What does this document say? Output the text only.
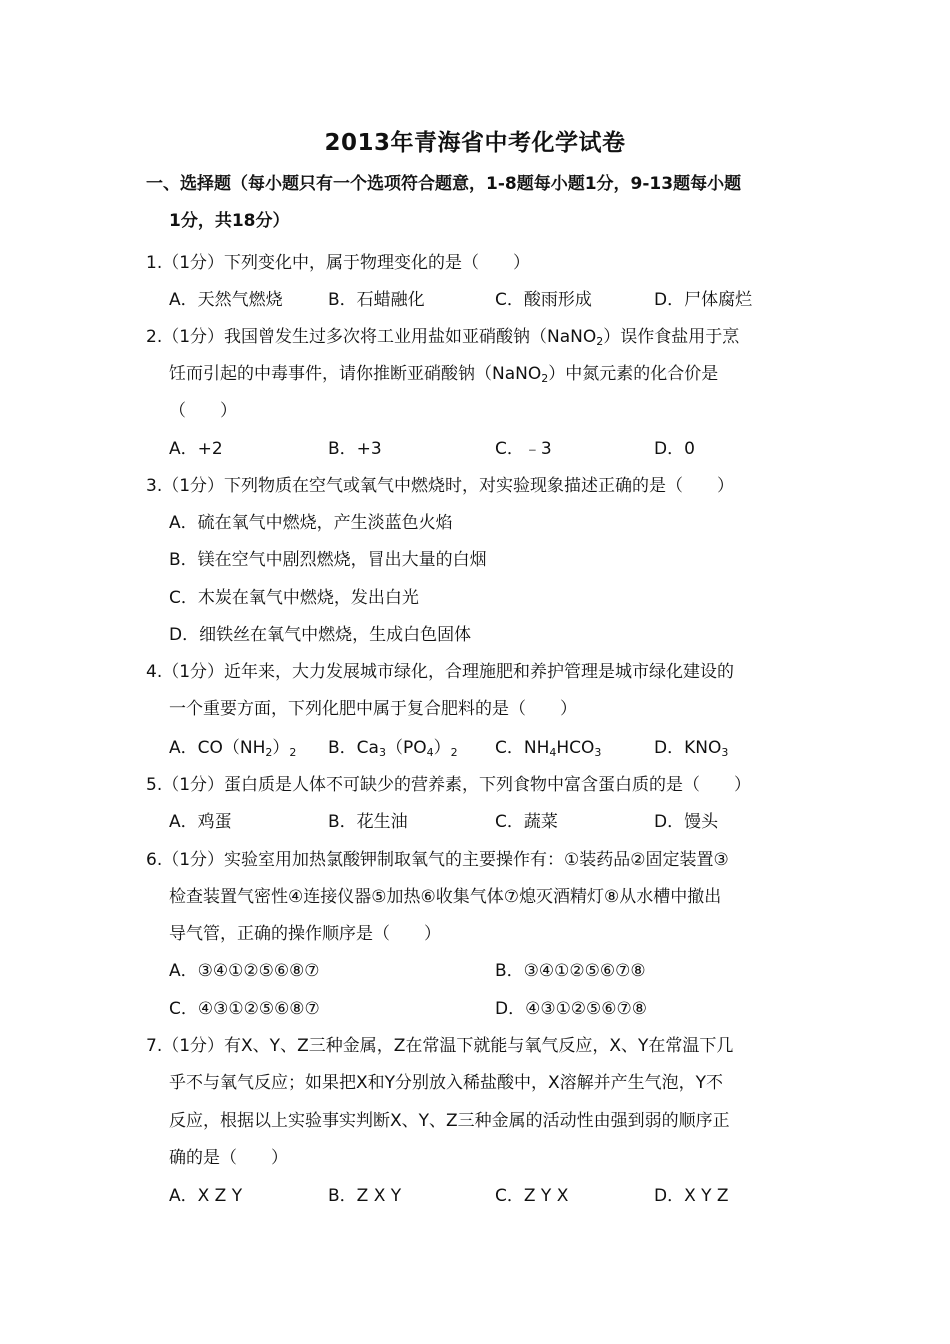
2013年青海省中考化学试卷
一、选择题（每小题只有一个选项符合题意，1-8题每小题1分，9-13题每小题
1分，共18分）
1.（1分）下列变化中，属于物理变化的是（　　）
A．天然气燃烧	B．石蜡融化	C．酸雨形成	D．尸体腐烂
2.（1分）我国曾发生过多次将工业用盐如亚硝酸钠（NaNO$_2$）误作食盐用于烹
饪而引起的中毒事件，请你推断亚硝酸钠（NaNO$_2$）中氮元素的化合价是
（　　）
A．+2	B．+3	C．﹣3	D．0
3.（1分）下列物质在空气或氧气中燃烧时，对实验现象描述正确的是（　　）
A．硫在氧气中燃烧，产生淡蓝色火焰
B．镁在空气中剧烈燃烧，冒出大量的白烟
C．木炭在氧气中燃烧，发出白光
D．细铁丝在氧气中燃烧，生成白色固体
4.（1分）近年来，大力发展城市绿化，合理施肥和养护管理是城市绿化建设的
一个重要方面，下列化肥中属于复合肥料的是（　　）
A．$CO(NH_2)_2$ B．$Ca_3(PO_4)_2$ C．$NH_4HCO_3$	D．$KNO_3$
5.（1分）蛋白质是人体不可缺少的营养素，下列食物中富含蛋白质的是（　　）
A．鸡蛋	B．花生油	C．蔬菜	D．馒头
6.（1分）实验室用加热氯酸钾制取氧气的主要操作有：①装药品②固定装置③
检查装置气密性④连接仪器⑤加热⑥收集气体⑦熄灭酒精灯⑧从水槽中撤出
导气管，正确的操作顺序是（　　）
A．③④①②⑤⑥⑧⑦	B．③④①②⑤⑥⑦⑧
C．④③①②⑤⑥⑧⑦	D．④③①②⑤⑥⑦⑧
7.（1分）有X、Y、Z三种金属，Z在常温下就能与氧气反应，X、Y在常温下几
乎不与氧气反应；如果把X和Y分别放入稀盐酸中，X溶解并产生气泡，Y不
反应，根据以上实验事实判断X、Y、Z三种金属的活动性由强到弱的顺序正
确的是（　　）
A．X Z Y	B．Z X Y	C．Z Y X	D．X Y Z
